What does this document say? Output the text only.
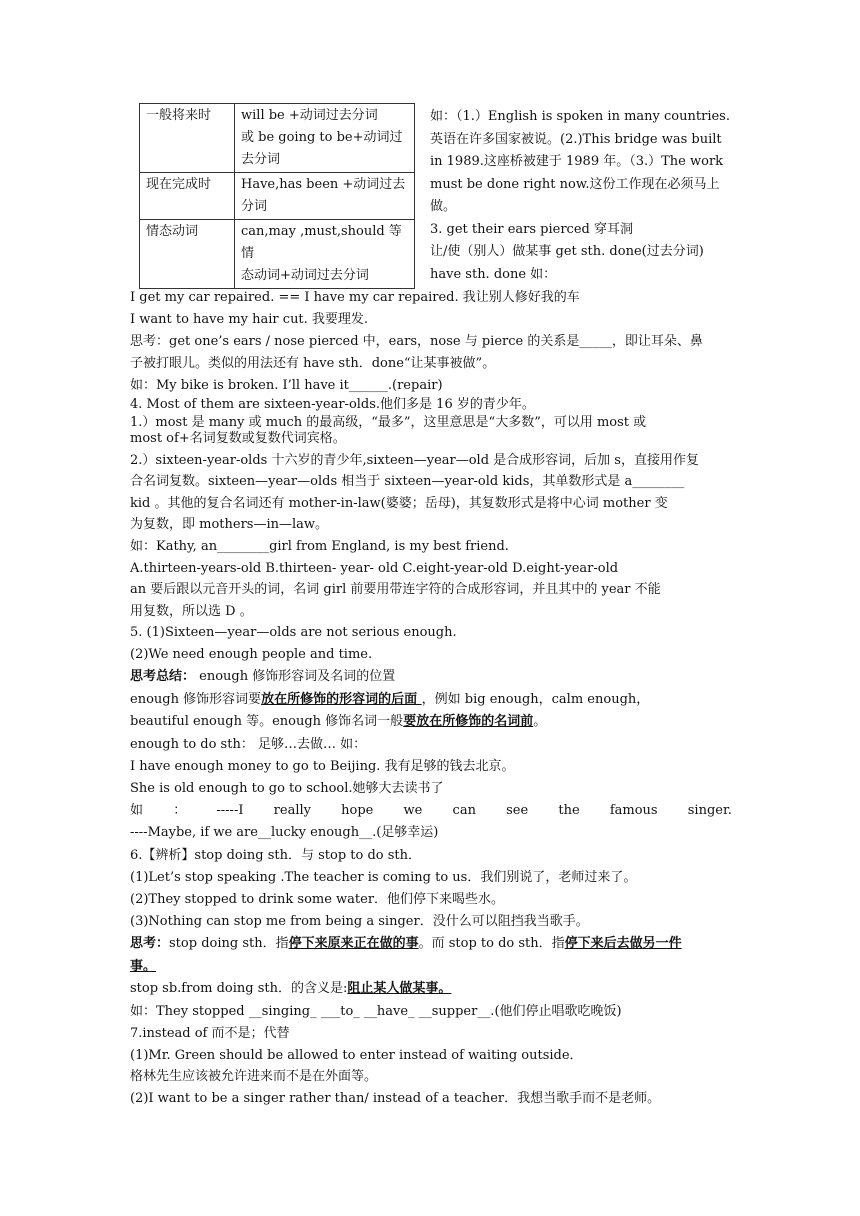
一般将来时	will be +动词过去分词
或 be going to be+动词过
去分词

现在完成时	Have,has been +动词过去
分词

情态动词	can,may ,must,should 等情
态动词+动词过去分词
如：（1.）English is spoken in many countries.
英语在许多国家被说。(2.)This bridge was built
in 1989.这座桥被建于 1989 年。（3.）The work
must be done right now.这份工作现在必须马上
做。
3. get their ears pierced 穿耳洞
让/使（别人）做某事 get sth. done(过去分词)
have sth. done 如：
I get my car repaired. == I have my car repaired. 我让别人修好我的车
I want to have my hair cut. 我要理发.
思考：get one’s ears / nose pierced 中，ears，nose 与 pierce 的关系是_____，即让耳朵、鼻
子被打眼儿。类似的用法还有 have sth．done“让某事被做”。
如：My bike is broken. I’ll have it______.(repair)
4. Most of them are sixteen-year-olds.他们多是 16 岁的青少年。
1.）most 是 many 或 much 的最高级，“最多”，这里意思是“大多数”，可以用 most 或
most of+名词复数或复数代词宾格。
2.）sixteen-year-olds 十六岁的青少年,sixteen—year—old 是合成形容词，后加 s，直接用作复
合名词复数。sixteen—year—olds 相当于 sixteen—year-old kids，其单数形式是 a________
kid 。其他的复合名词还有 mother-in-law(婆婆；岳母)，其复数形式是将中心词 mother 变
为复数，即 mothers—in—law。
如：Kathy, an________girl from England, is my best friend.
A.thirteen-years-old B.thirteen- year- old C.eight-year-old D.eight-year-old
an 要后跟以元音开头的词，名词 girl 前要用带连字符的合成形容词，并且其中的 year 不能
用复数，所以选 D 。
5. (1)Sixteen—year—olds are not serious enough.
(2)We need enough people and time.
思考总结： enough 修饰形容词及名词的位置
enough 修饰形容词要放在所修饰的形容词的后面 ，例如 big enough，calm enough，
beautiful enough 等。enough 修饰名词一般要放在所修饰的名词前。
enough to do sth： 足够…去做… 如：
I have enough money to go to Beijing. 我有足够的钱去北京。
She is old enough to go to school.她够大去读书了
如 ： -----I really hope we can see the famous singer.
----Maybe, if we are__lucky enough__.(足够幸运)
6.【辨析】stop doing sth．与 stop to do sth．
(1)Let’s stop speaking .The teacher is coming to us．我们别说了，老师过来了。
(2)They stopped to drink some water．他们停下来喝些水。
(3)Nothing can stop me from being a singer．没什么可以阻挡我当歌手。
思考：stop doing sth．指停下来原来正在做的事。而 stop to do sth．指停下来后去做另一件
事。
stop sb.from doing sth．的含义是:阻止某人做某事。
如：They stopped __singing_ ___to_ __have_ __supper__.(他们停止唱歌吃晚饭)
7.instead of 而不是；代替
(1)Mr. Green should be allowed to enter instead of waiting outside．
格林先生应该被允许进来而不是在外面等。
(2)I want to be a singer rather than/ instead of a teacher．我想当歌手而不是老师。
